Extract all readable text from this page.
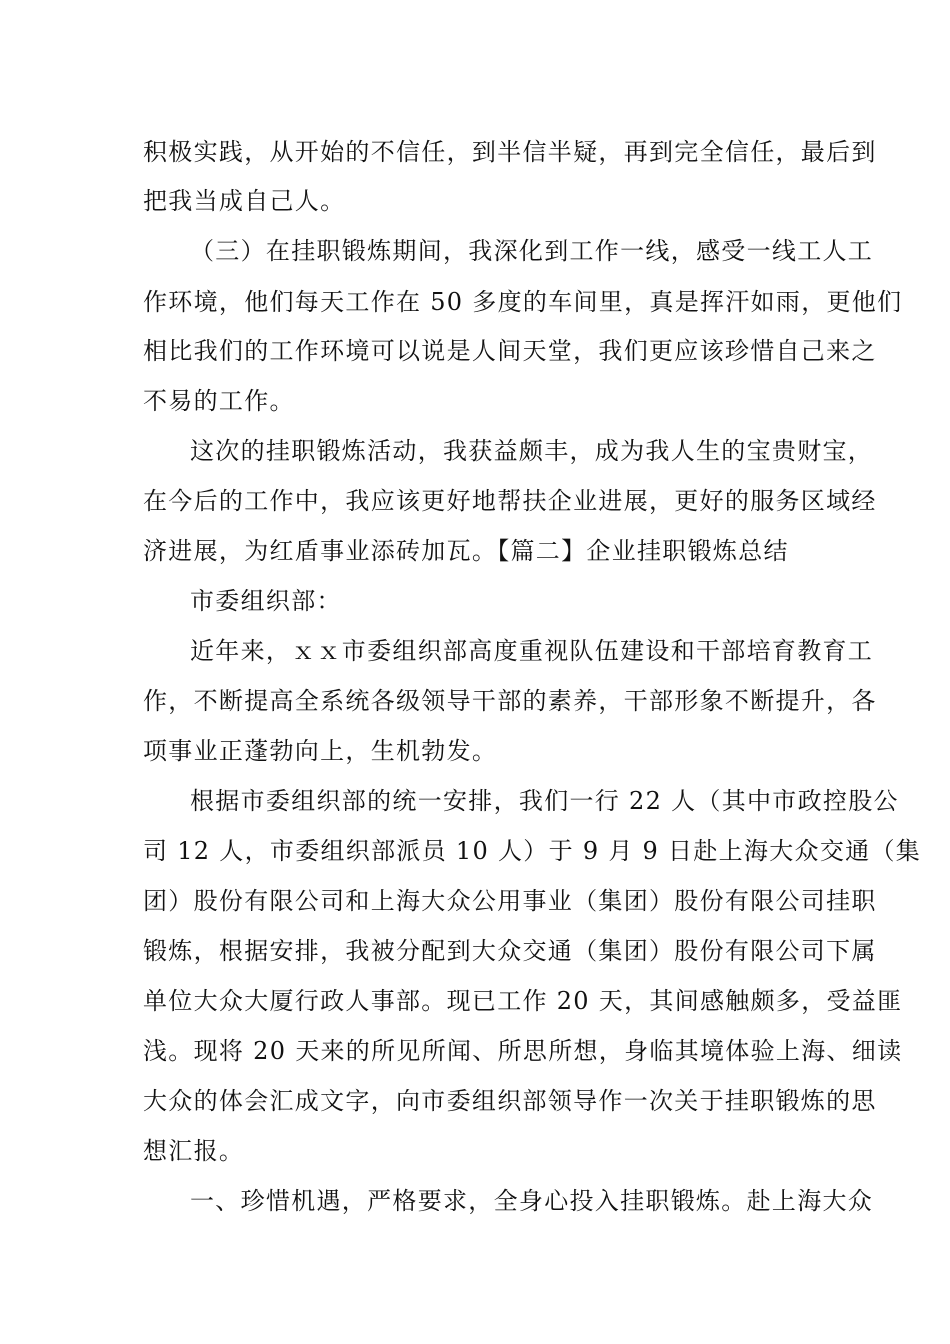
积极实践，从开始的不信任，到半信半疑，再到完全信任，最后到
把我当成自己人。
（三）在挂职锻炼期间，我深化到工作一线，感受一线工人工
作环境，他们每天工作在 50 多度的车间里，真是挥汗如雨，更他们
相比我们的工作环境可以说是人间天堂，我们更应该珍惜自己来之
不易的工作。
这次的挂职锻炼活动，我获益颇丰，成为我人生的宝贵财宝，
在今后的工作中，我应该更好地帮扶企业进展，更好的服务区域经
济进展，为红盾事业添砖加瓦。【篇二】企业挂职锻炼总结
市委组织部：
近年来，ｘｘ市委组织部高度重视队伍建设和干部培育教育工
作，不断提高全系统各级领导干部的素养，干部形象不断提升，各
项事业正蓬勃向上，生机勃发。
根据市委组织部的统一安排，我们一行 22 人（其中市政控股公
司 12 人，市委组织部派员 10 人）于 9 月 9 日赴上海大众交通（集
团）股份有限公司和上海大众公用事业（集团）股份有限公司挂职
锻炼，根据安排，我被分配到大众交通（集团）股份有限公司下属
单位大众大厦行政人事部。现已工作 20 天，其间感触颇多，受益匪
浅。现将 20 天来的所见所闻、所思所想，身临其境体验上海、细读
大众的体会汇成文字，向市委组织部领导作一次关于挂职锻炼的思
想汇报。
一、珍惜机遇，严格要求，全身心投入挂职锻炼。赴上海大众
